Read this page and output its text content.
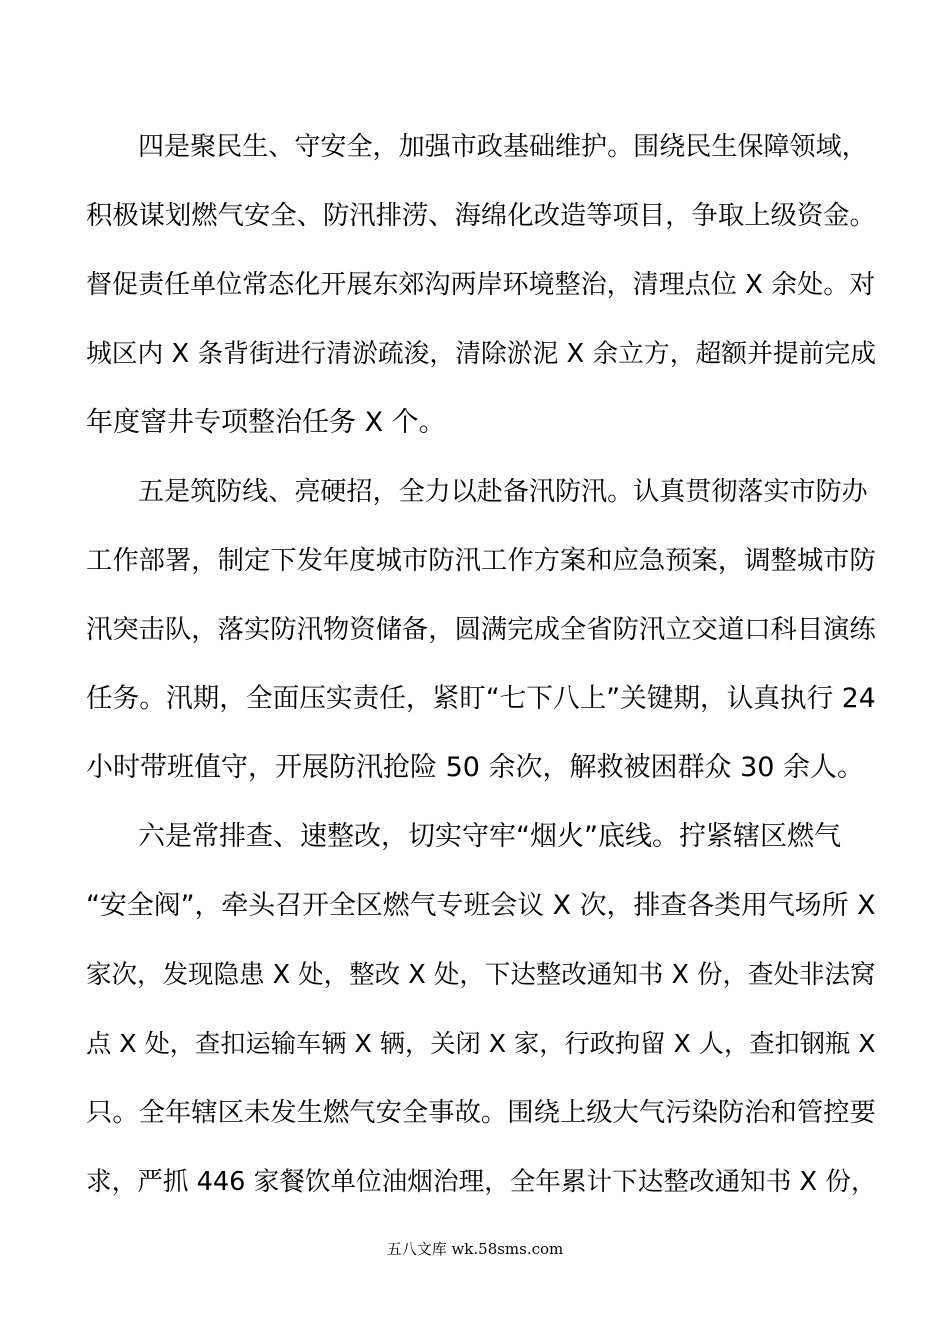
四是聚民生、守安全，加强市政基础维护。围绕民生保障领域，
积极谋划燃气安全、防汛排涝、海绵化改造等项目，争取上级资金。
督促责任单位常态化开展东郊沟两岸环境整治，清理点位 X 余处。对
城区内 X 条背街进行清淤疏浚，清除淤泥 X 余立方，超额并提前完成
年度窨井专项整治任务 X 个。
五是筑防线、亮硬招，全力以赴备汛防汛。认真贯彻落实市防办
工作部署，制定下发年度城市防汛工作方案和应急预案，调整城市防
汛突击队，落实防汛物资储备，圆满完成全省防汛立交道口科目演练
任务。汛期，全面压实责任，紧盯“七下八上”关键期，认真执行 24
小时带班值守，开展防汛抢险 50 余次，解救被困群众 30 余人。
六是常排查、速整改，切实守牢“烟火”底线。拧紧辖区燃气
“安全阀”，牵头召开全区燃气专班会议 X 次，排查各类用气场所 X
家次，发现隐患 X 处，整改 X 处，下达整改通知书 X 份，查处非法窝
点 X 处，查扣运输车辆 X 辆，关闭 X 家，行政拘留 X 人，查扣钢瓶 X
只。全年辖区未发生燃气安全事故。围绕上级大气污染防治和管控要
求，严抓 446 家餐饮单位油烟治理，全年累计下达整改通知书 X 份，
五八文库 wk.58sms.com
